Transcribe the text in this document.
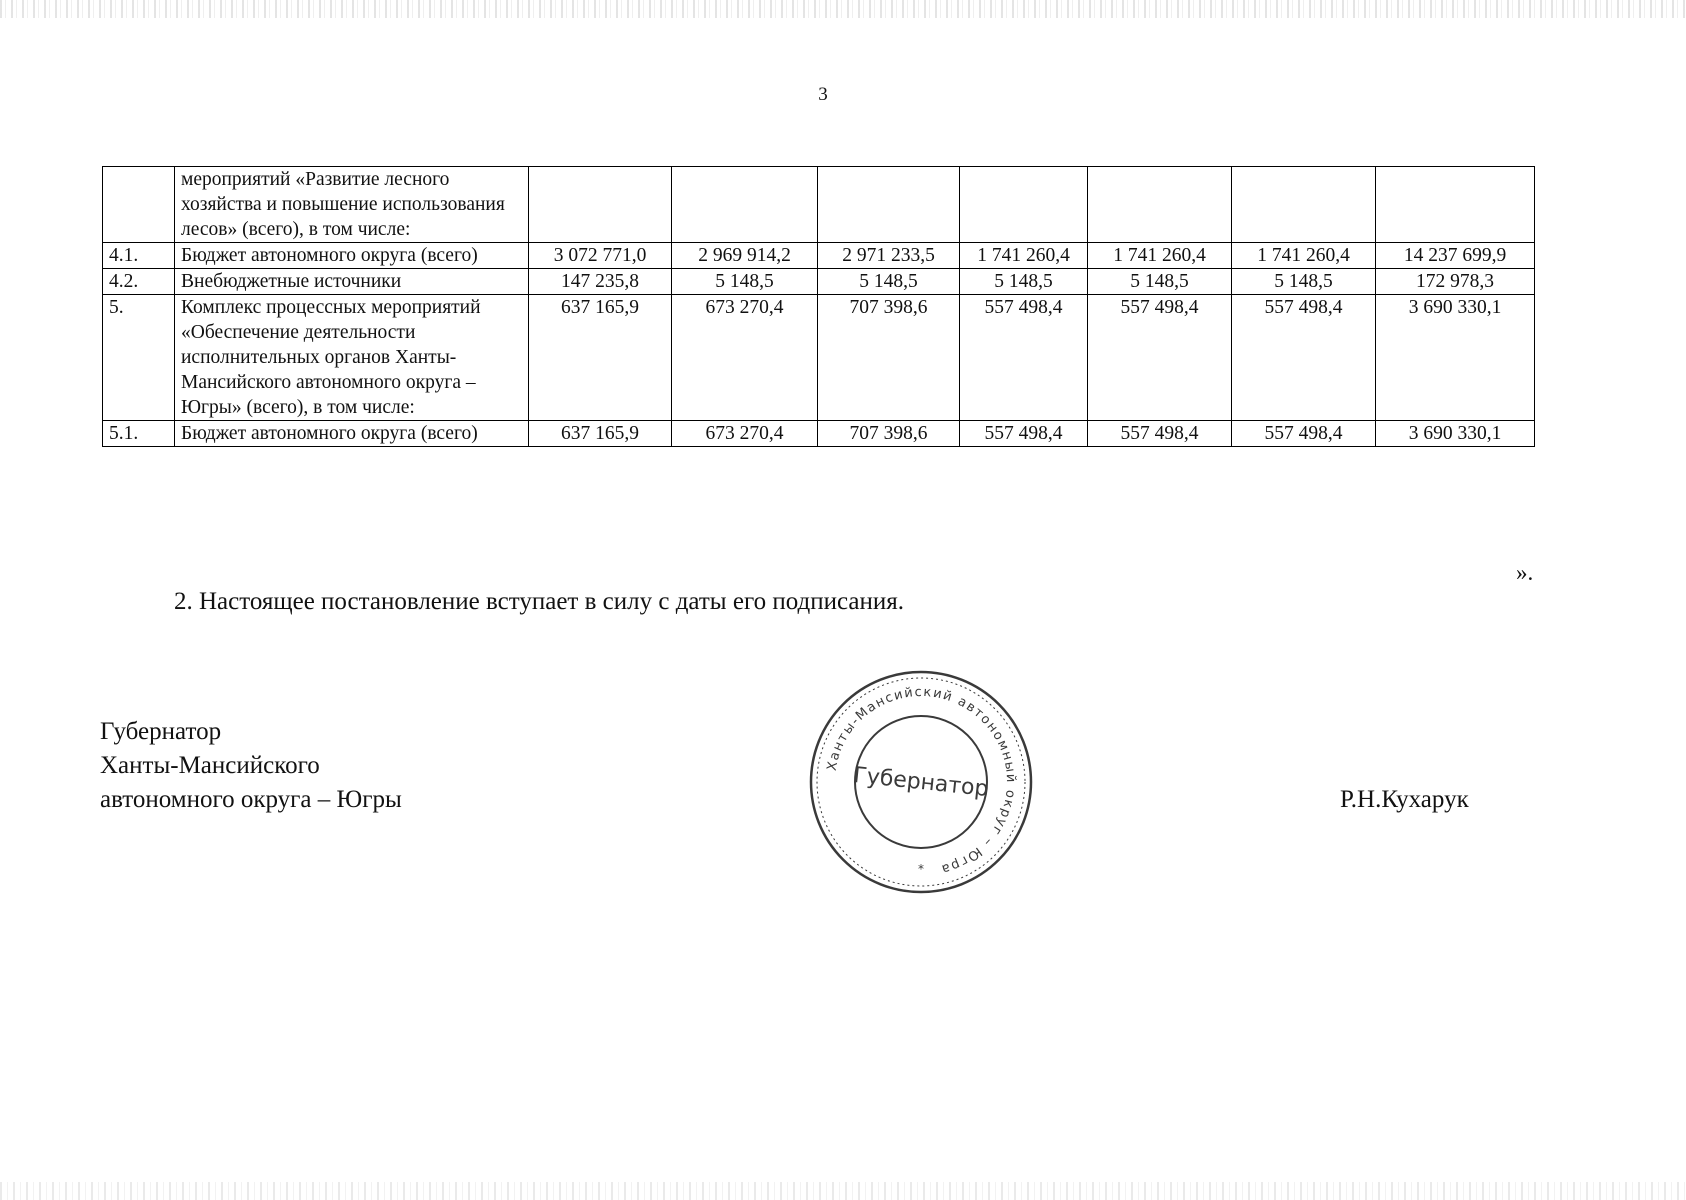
3
	мероприятий «Развитие лесного хозяйства и повышение использования лесов» (всего), в том числе:							
4.1.	Бюджет автономного округа (всего)	3 072 771,0	2 969 914,2	2 971 233,5	1 741 260,4	1 741 260,4	1 741 260,4	14 237 699,9
4.2.	Внебюджетные источники	147 235,8	5 148,5	5 148,5	5 148,5	5 148,5	5 148,5	172 978,3
5.	Комплекс процессных мероприятий «Обеспечение деятельности исполнительных органов Ханты-Мансийского автономного округа – Югры» (всего), в том числе:	637 165,9	673 270,4	707 398,6	557 498,4	557 498,4	557 498,4	3 690 330,1
5.1.	Бюджет автономного округа (всего)	637 165,9	673 270,4	707 398,6	557 498,4	557 498,4	557 498,4	3 690 330,1
».
2. Настоящее постановление вступает в силу с даты его подписания.
Губернатор
Ханты-Мансийского
автономного округа – Югры
Ханты-Мансийский автономный округ – Югра
Губернатор
*
Р.Н.Кухарук
